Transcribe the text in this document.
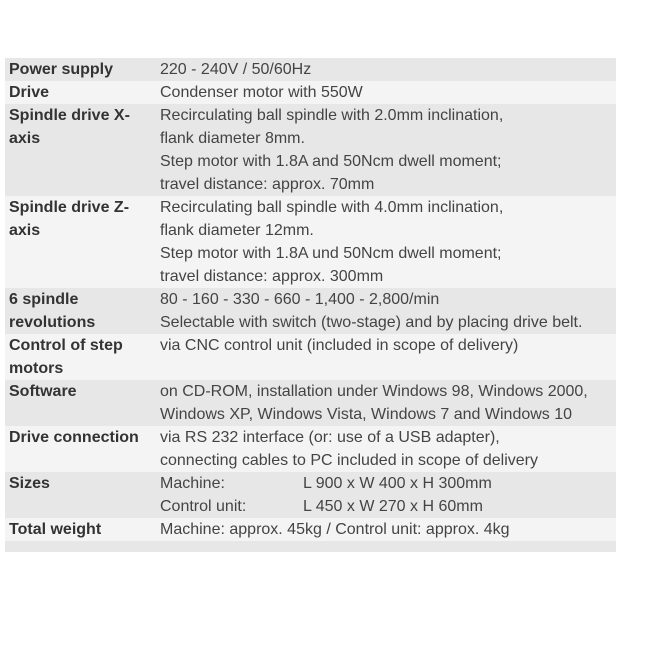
Power supply	220 - 240V / 50/60Hz

Drive	Condenser motor with 550W

Spindle drive X-axis	Recirculating ball spindle with 2.0mm inclination,
flank diameter 8mm.
Step motor with 1.8A and 50Ncm dwell moment;
travel distance: approx. 70mm

Spindle drive Z-axis	Recirculating ball spindle with 4.0mm inclination,
flank diameter 12mm.
Step motor with 1.8A und 50Ncm dwell moment;
travel distance: approx. 300mm

6 spindle revolutions	80 - 160 - 330 - 660 - 1,400 - 2,800/min
Selectable with switch (two-stage) and by placing drive belt.

Control of step motors	via CNC control unit (included in scope of delivery)

Software	on CD-ROM, installation under Windows 98, Windows 2000, Windows XP, Windows Vista, Windows 7 and Windows 10

Drive connection	via RS 232 interface (or: use of a USB adapter),
connecting cables to PC included in scope of delivery

Sizes	Machine: L 900 x W 400 x H 300mm
Control unit: L 450 x W 270 x H 60mm

Total weight	Machine: approx. 45kg / Control unit: approx. 4kg
